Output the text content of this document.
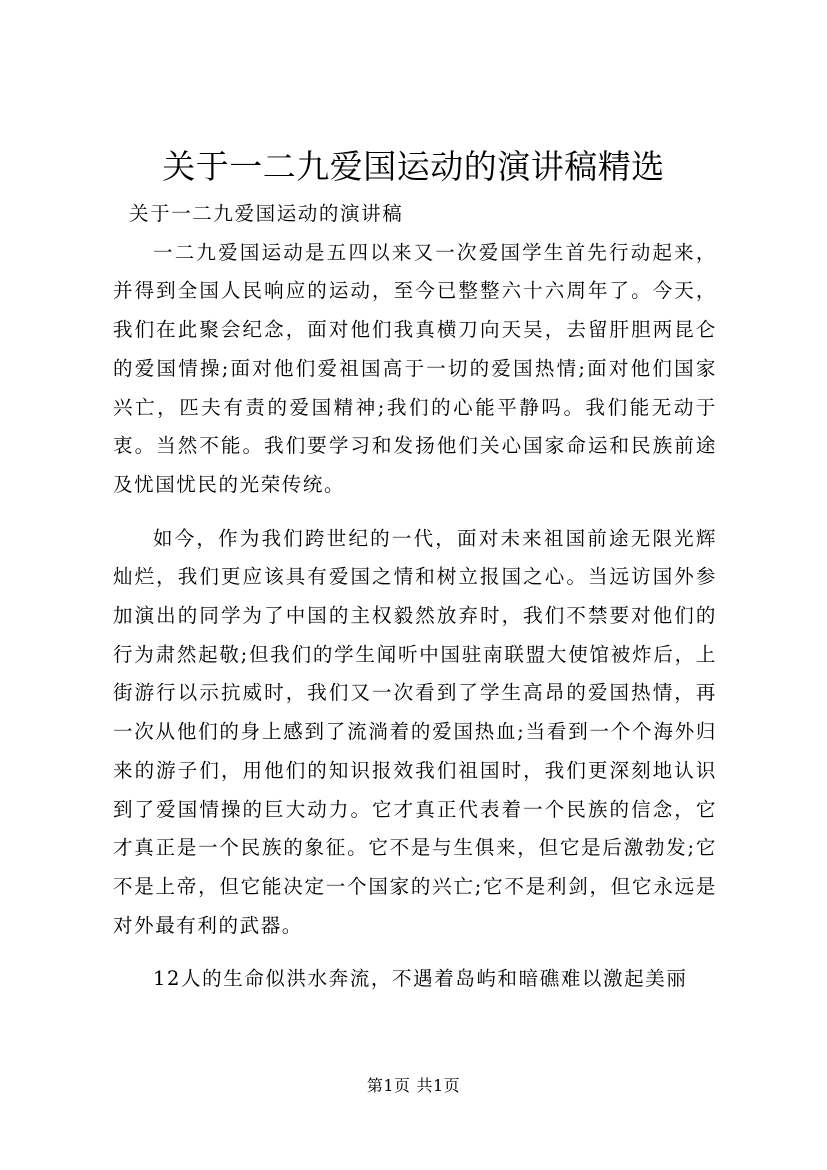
关于一二九爱国运动的演讲稿精选

关于一二九爱国运动的演讲稿

一二九爱国运动是五四以来又一次爱国学生首先行动起来，并得到全国人民响应的运动，至今已整整六十六周年了。今天，我们在此聚会纪念，面对他们我真横刀向天吴，去留肝胆两昆仑的爱国情操;面对他们爱祖国高于一切的爱国热情;面对他们国家兴亡，匹夫有责的爱国精神;我们的心能平静吗。我们能无动于衷。当然不能。我们要学习和发扬他们关心国家命运和民族前途及忧国忧民的光荣传统。

如今，作为我们跨世纪的一代，面对未来祖国前途无限光辉灿烂，我们更应该具有爱国之情和树立报国之心。当远访国外参加演出的同学为了中国的主权毅然放弃时，我们不禁要对他们的行为肃然起敬;但我们的学生闻听中国驻南联盟大使馆被炸后，上街游行以示抗威时，我们又一次看到了学生高昂的爱国热情，再一次从他们的身上感到了流淌着的爱国热血;当看到一个个海外归来的游子们，用他们的知识报效我们祖国时，我们更深刻地认识到了爱国情操的巨大动力。它才真正代表着一个民族的信念，它才真正是一个民族的象征。它不是与生俱来，但它是后激勃发;它不是上帝，但它能决定一个国家的兴亡;它不是利剑，但它永远是对外最有利的武器。

12人的生命似洪水奔流，不遇着岛屿和暗礁难以激起美丽

第1页 共1页
